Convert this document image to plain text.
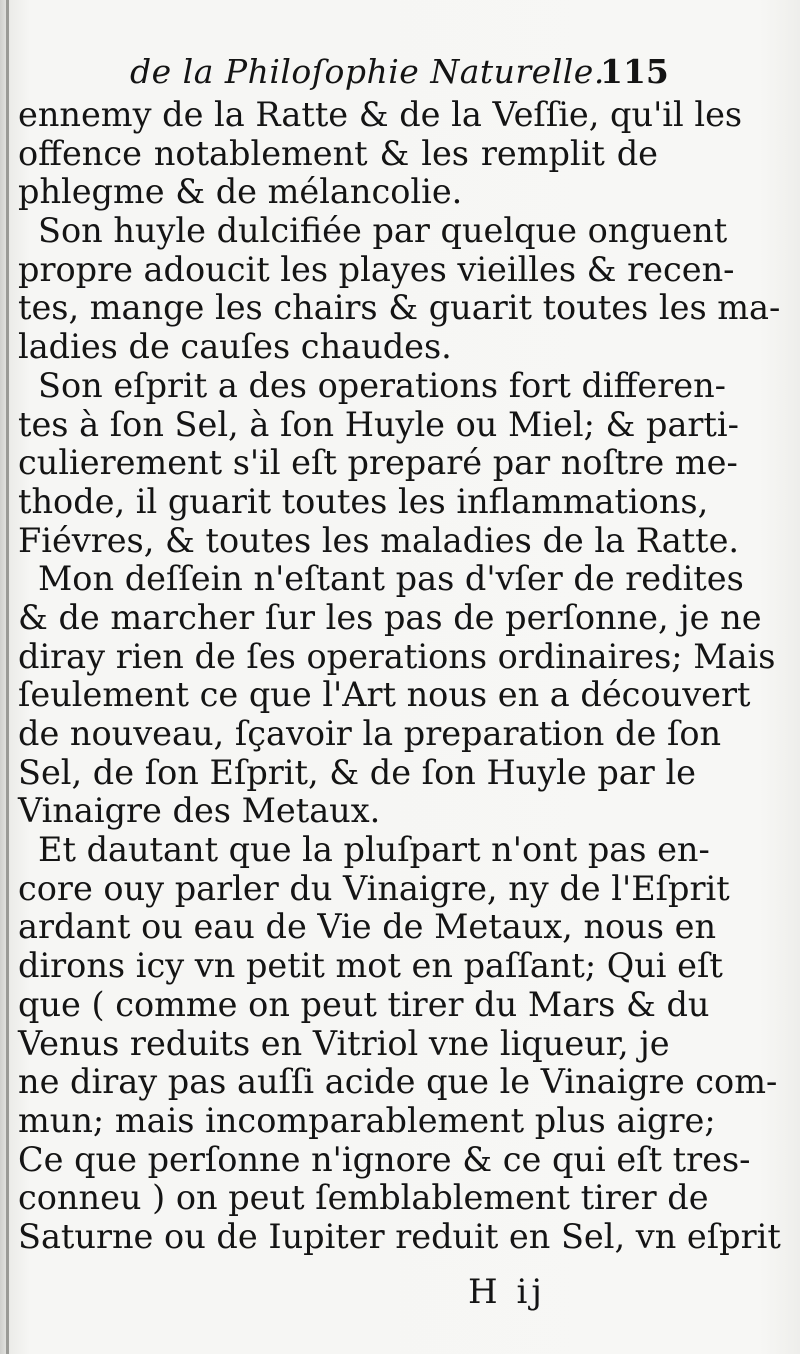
de la Philoſophie Naturelle.
115
ennemy de la Ratte & de la Veſſie, qu'il les
offence notablement & les remplit de
phlegme & de mélancolie.
Son huyle dulcifiée par quelque onguent
propre adoucit les playes vieilles & recen-
tes, mange les chairs & guarit toutes les ma-
ladies de cauſes chaudes.
Son eſprit a des operations fort differen-
tes à ſon Sel, à ſon Huyle ou Miel; & parti-
culierement s'il eſt preparé par noſtre me-
thode, il guarit toutes les inflammations,
Fiévres, & toutes les maladies de la Ratte.
Mon deſſein n'eſtant pas d'vſer de redites
& de marcher ſur les pas de perſonne, je ne
diray rien de ſes operations ordinaires; Mais
ſeulement ce que l'Art nous en a découvert
de nouveau, ſçavoir la preparation de ſon
Sel, de ſon Eſprit, & de ſon Huyle par le
Vinaigre des Metaux.
Et dautant que la pluſpart n'ont pas en-
core ouy parler du Vinaigre, ny de l'Eſprit
ardant ou eau de Vie de Metaux, nous en
dirons icy vn petit mot en paſſant; Qui eſt
que ( comme on peut tirer du Mars & du
Venus reduits en Vitriol vne liqueur, je
ne diray pas auſſi acide que le Vinaigre com-
mun; mais incomparablement plus aigre;
Ce que perſonne n'ignore & ce qui eſt tres-
conneu ) on peut ſemblablement tirer de
Saturne ou de Iupiter reduit en Sel, vn eſprit
H ij
